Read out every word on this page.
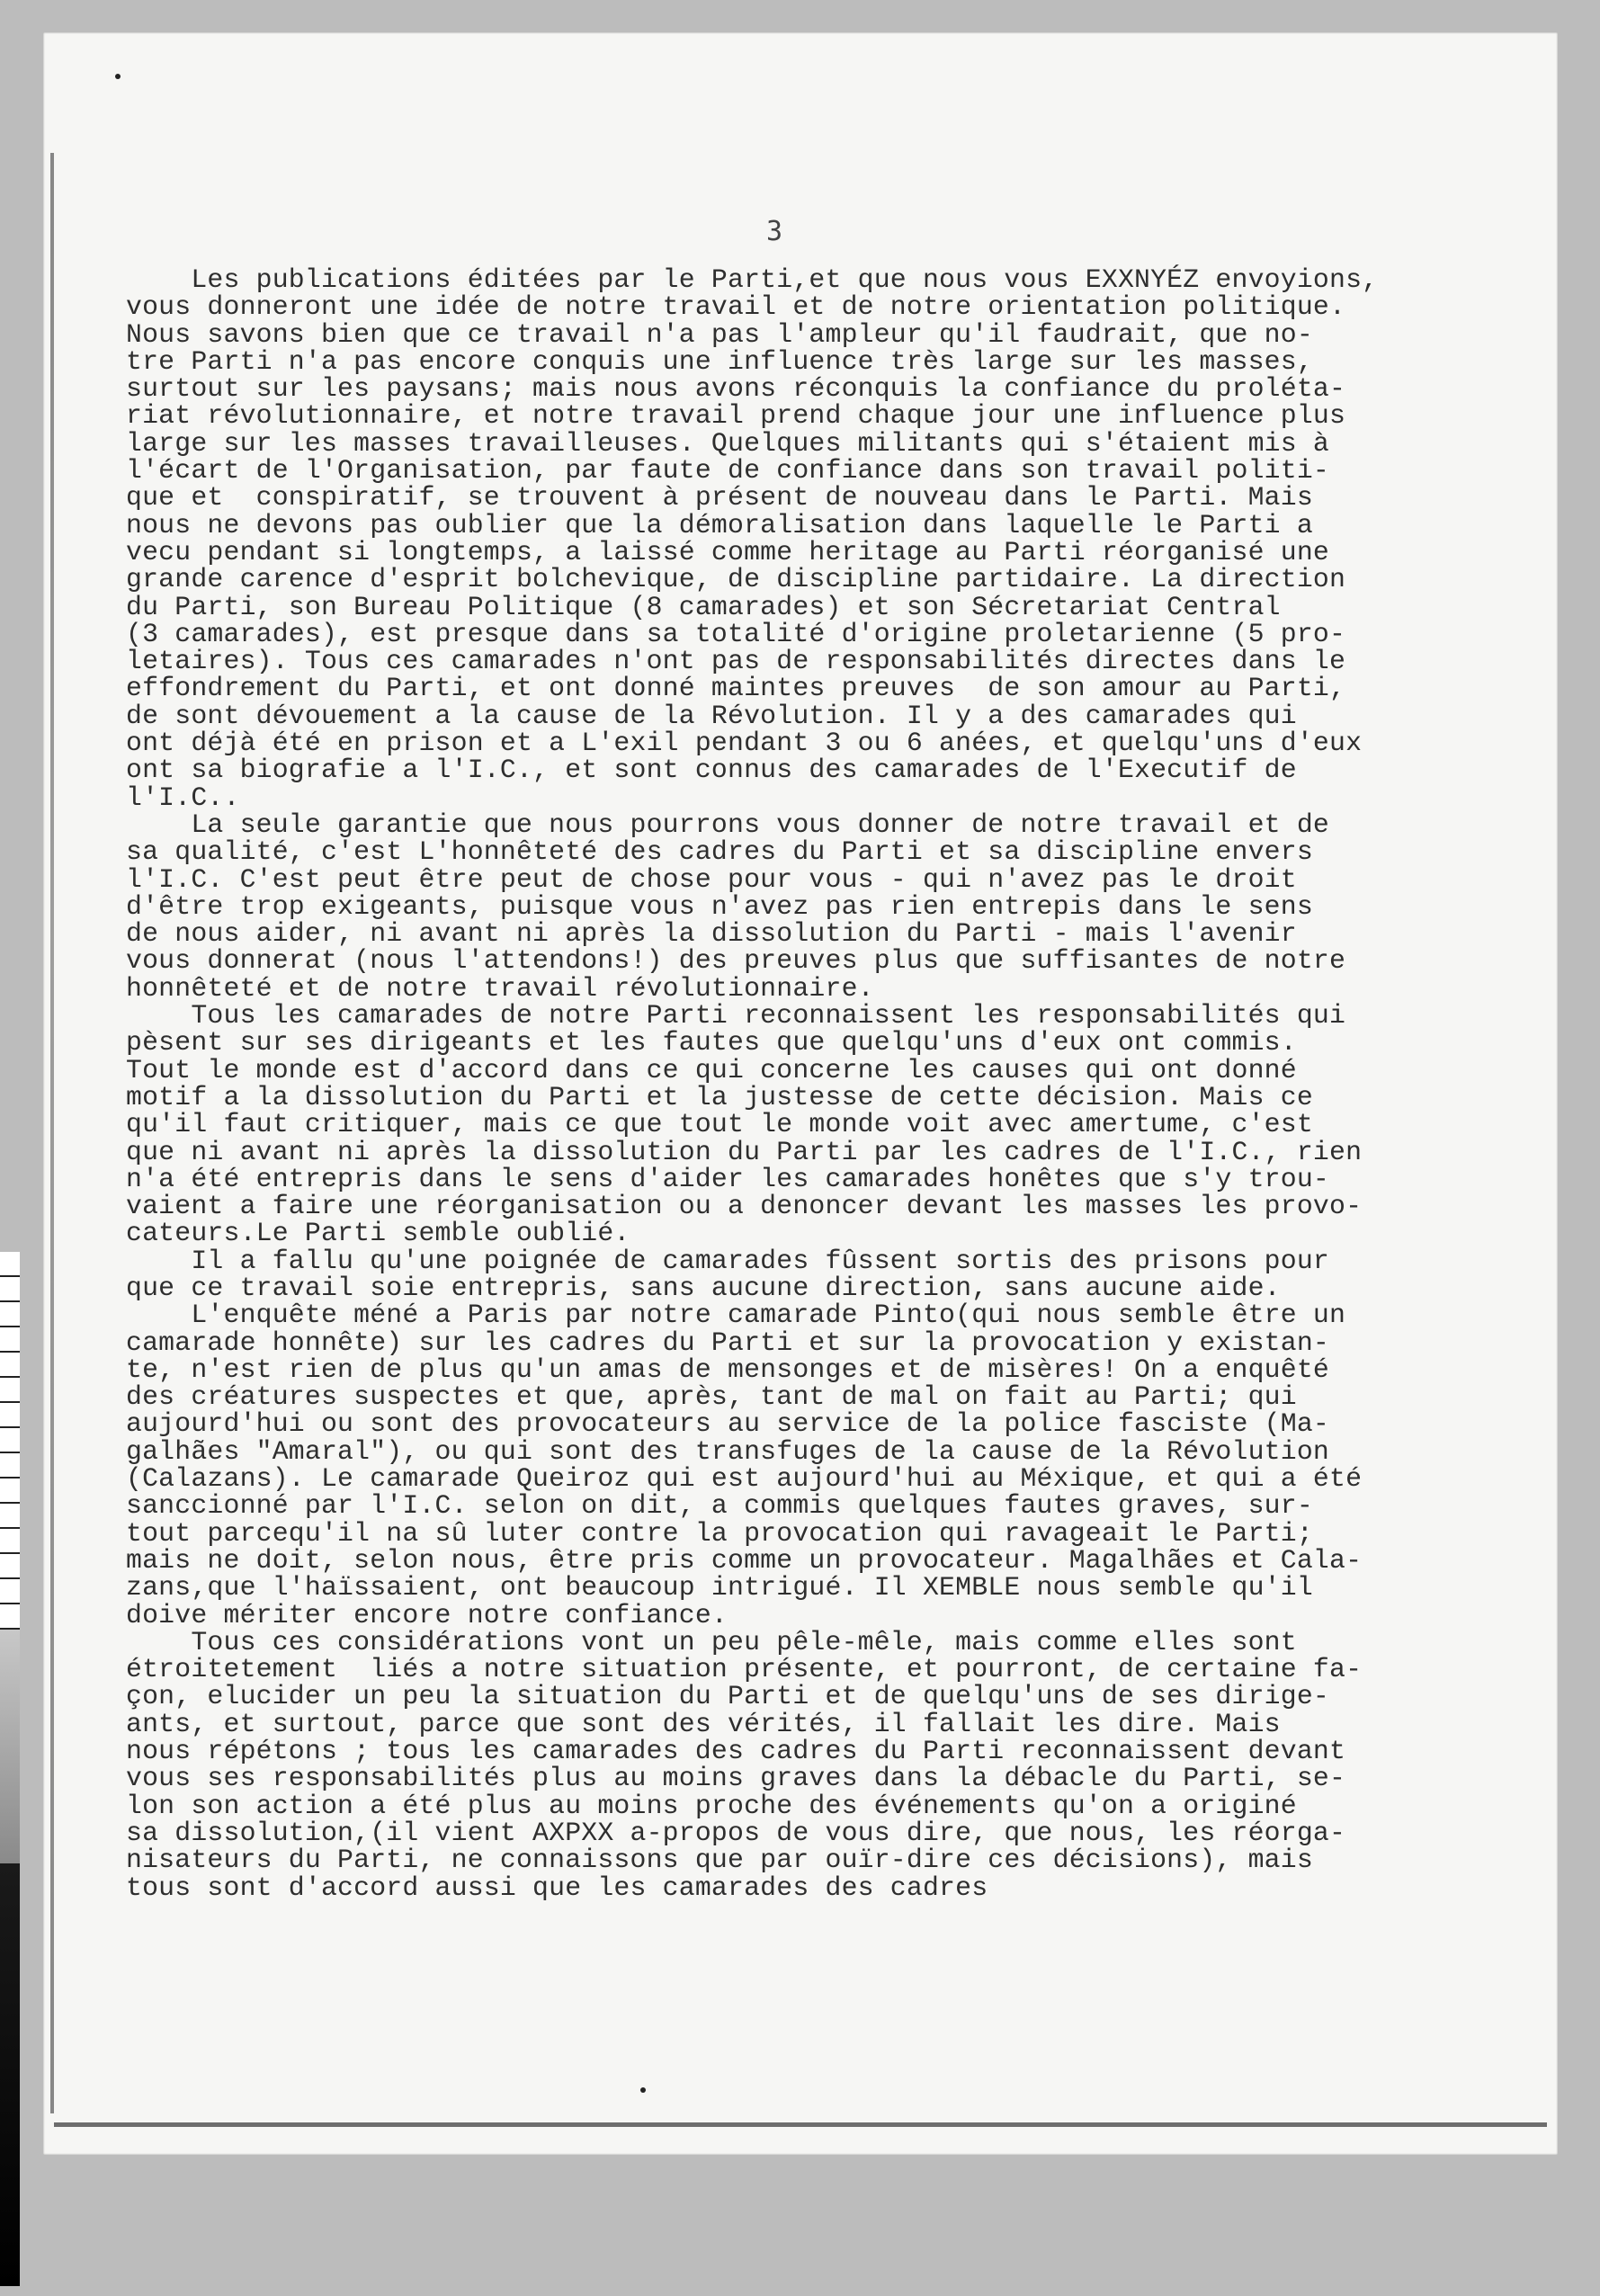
3
Les publications éditées par le Parti,et que nous vous EXXNYÉZ envoyions,
vous donneront une idée de notre travail et de notre orientation politique.
Nous savons bien que ce travail n'a pas l'ampleur qu'il faudrait, que no-
tre Parti n'a pas encore conquis une influence très large sur les masses,
surtout sur les paysans; mais nous avons réconquis la confiance du proléta-
riat révolutionnaire, et notre travail prend chaque jour une influence plus
large sur les masses travailleuses. Quelques militants qui s'étaient mis à
l'écart de l'Organisation, par faute de confiance dans son travail politi-
que et  conspiratif, se trouvent à présent de nouveau dans le Parti. Mais
nous ne devons pas oublier que la démoralisation dans laquelle le Parti a
vecu pendant si longtemps, a laissé comme heritage au Parti réorganisé une
grande carence d'esprit bolchevique, de discipline partidaire. La direction
du Parti, son Bureau Politique (8 camarades) et son Sécretariat Central
(3 camarades), est presque dans sa totalité d'origine proletarienne (5 pro-
letaires). Tous ces camarades n'ont pas de responsabilités directes dans le
effondrement du Parti, et ont donné maintes preuves  de son amour au Parti,
de sont dévouement a la cause de la Révolution. Il y a des camarades qui
ont déjà été en prison et a L'exil pendant 3 ou 6 anées, et quelqu'uns d'eux
ont sa biografie a l'I.C., et sont connus des camarades de l'Executif de
l'I.C..
La seule garantie que nous pourrons vous donner de notre travail et de
sa qualité, c'est L'honnêteté des cadres du Parti et sa discipline envers
l'I.C. C'est peut être peut de chose pour vous - qui n'avez pas le droit
d'être trop exigeants, puisque vous n'avez pas rien entrepis dans le sens
de nous aider, ni avant ni après la dissolution du Parti - mais l'avenir
vous donnerat (nous l'attendons!) des preuves plus que suffisantes de notre
honnêteté et de notre travail révolutionnaire.
Tous les camarades de notre Parti reconnaissent les responsabilités qui
pèsent sur ses dirigeants et les fautes que quelqu'uns d'eux ont commis.
Tout le monde est d'accord dans ce qui concerne les causes qui ont donné
motif a la dissolution du Parti et la justesse de cette décision. Mais ce
qu'il faut critiquer, mais ce que tout le monde voit avec amertume, c'est
que ni avant ni après la dissolution du Parti par les cadres de l'I.C., rien
n'a été entrepris dans le sens d'aider les camarades honêtes que s'y trou-
vaient a faire une réorganisation ou a denoncer devant les masses les provo-
cateurs.Le Parti semble oublié.
Il a fallu qu'une poignée de camarades fûssent sortis des prisons pour
que ce travail soie entrepris, sans aucune direction, sans aucune aide.
L'enquête méné a Paris par notre camarade Pinto(qui nous semble être un
camarade honnête) sur les cadres du Parti et sur la provocation y existan-
te, n'est rien de plus qu'un amas de mensonges et de misères! On a enquêté
des créatures suspectes et que, après, tant de mal on fait au Parti; qui
aujourd'hui ou sont des provocateurs au service de la police fasciste (Ma-
galhães "Amaral"), ou qui sont des transfuges de la cause de la Révolution
(Calazans). Le camarade Queiroz qui est aujourd'hui au Méxique, et qui a été
sanccionné par l'I.C. selon on dit, a commis quelques fautes graves, sur-
tout parcequ'il na sû luter contre la provocation qui ravageait le Parti;
mais ne doit, selon nous, être pris comme un provocateur. Magalhães et Cala-
zans,que l'haïssaient, ont beaucoup intrigué. Il XEMBLE nous semble qu'il
doive mériter encore notre confiance.
Tous ces considérations vont un peu pêle-mêle, mais comme elles sont
étroitetement  liés a notre situation présente, et pourront, de certaine fa-
çon, elucider un peu la situation du Parti et de quelqu'uns de ses dirige-
ants, et surtout, parce que sont des vérités, il fallait les dire. Mais
nous répétons ; tous les camarades des cadres du Parti reconnaissent devant
vous ses responsabilités plus au moins graves dans la débacle du Parti, se-
lon son action a été plus au moins proche des événements qu'on a originé
sa dissolution,(il vient AXPXX a-propos de vous dire, que nous, les réorga-
nisateurs du Parti, ne connaissons que par ouïr-dire ces décisions), mais
tous sont d'accord aussi que les camarades des cadres
